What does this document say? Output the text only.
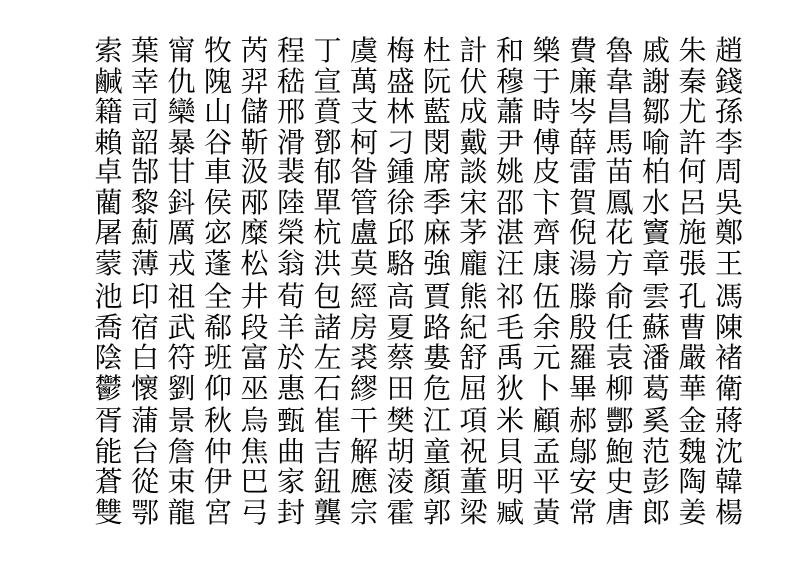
趙
錢
孫
李
周
吳
鄭
王
馮
陳
褚
衛
蔣
沈
韓
楊
朱
秦
尤
許
何
呂
施
張
孔
曹
嚴
華
金
魏
陶
姜
戚
謝
鄒
喻
柏
水
竇
章
雲
蘇
潘
葛
奚
范
彭
郎
魯
韋
昌
馬
苗
鳳
花
方
俞
任
袁
柳
酆
鮑
史
唐
費
廉
岑
薛
雷
賀
倪
湯
滕
殷
羅
畢
郝
鄔
安
常
樂
于
時
傅
皮
卞
齊
康
伍
余
元
卜
顧
孟
平
黃
和
穆
蕭
尹
姚
邵
湛
汪
祁
毛
禹
狄
米
貝
明
臧
計
伏
成
戴
談
宋
茅
龐
熊
紀
舒
屈
項
祝
董
梁
杜
阮
藍
閔
席
季
麻
強
賈
路
婁
危
江
童
顏
郭
梅
盛
林
刁
鍾
徐
邱
駱
高
夏
蔡
田
樊
胡
淩
霍
虞
萬
支
柯
昝
管
盧
莫
經
房
裘
繆
干
解
應
宗
丁
宣
賁
鄧
郁
單
杭
洪
包
諸
左
石
崔
吉
鈕
龔
程
嵇
邢
滑
裴
陸
榮
翁
荀
羊
於
惠
甄
曲
家
封
芮
羿
儲
靳
汲
邴
糜
松
井
段
富
巫
烏
焦
巴
弓
牧
隗
山
谷
車
侯
宓
蓬
全
郗
班
仰
秋
仲
伊
宮
甯
仇
欒
暴
甘
鈄
厲
戎
祖
武
符
劉
景
詹
束
龍
葉
幸
司
韶
郜
黎
薊
薄
印
宿
白
懷
蒲
台
從
鄂
索
鹹
籍
賴
卓
藺
屠
蒙
池
喬
陰
鬱
胥
能
蒼
雙
